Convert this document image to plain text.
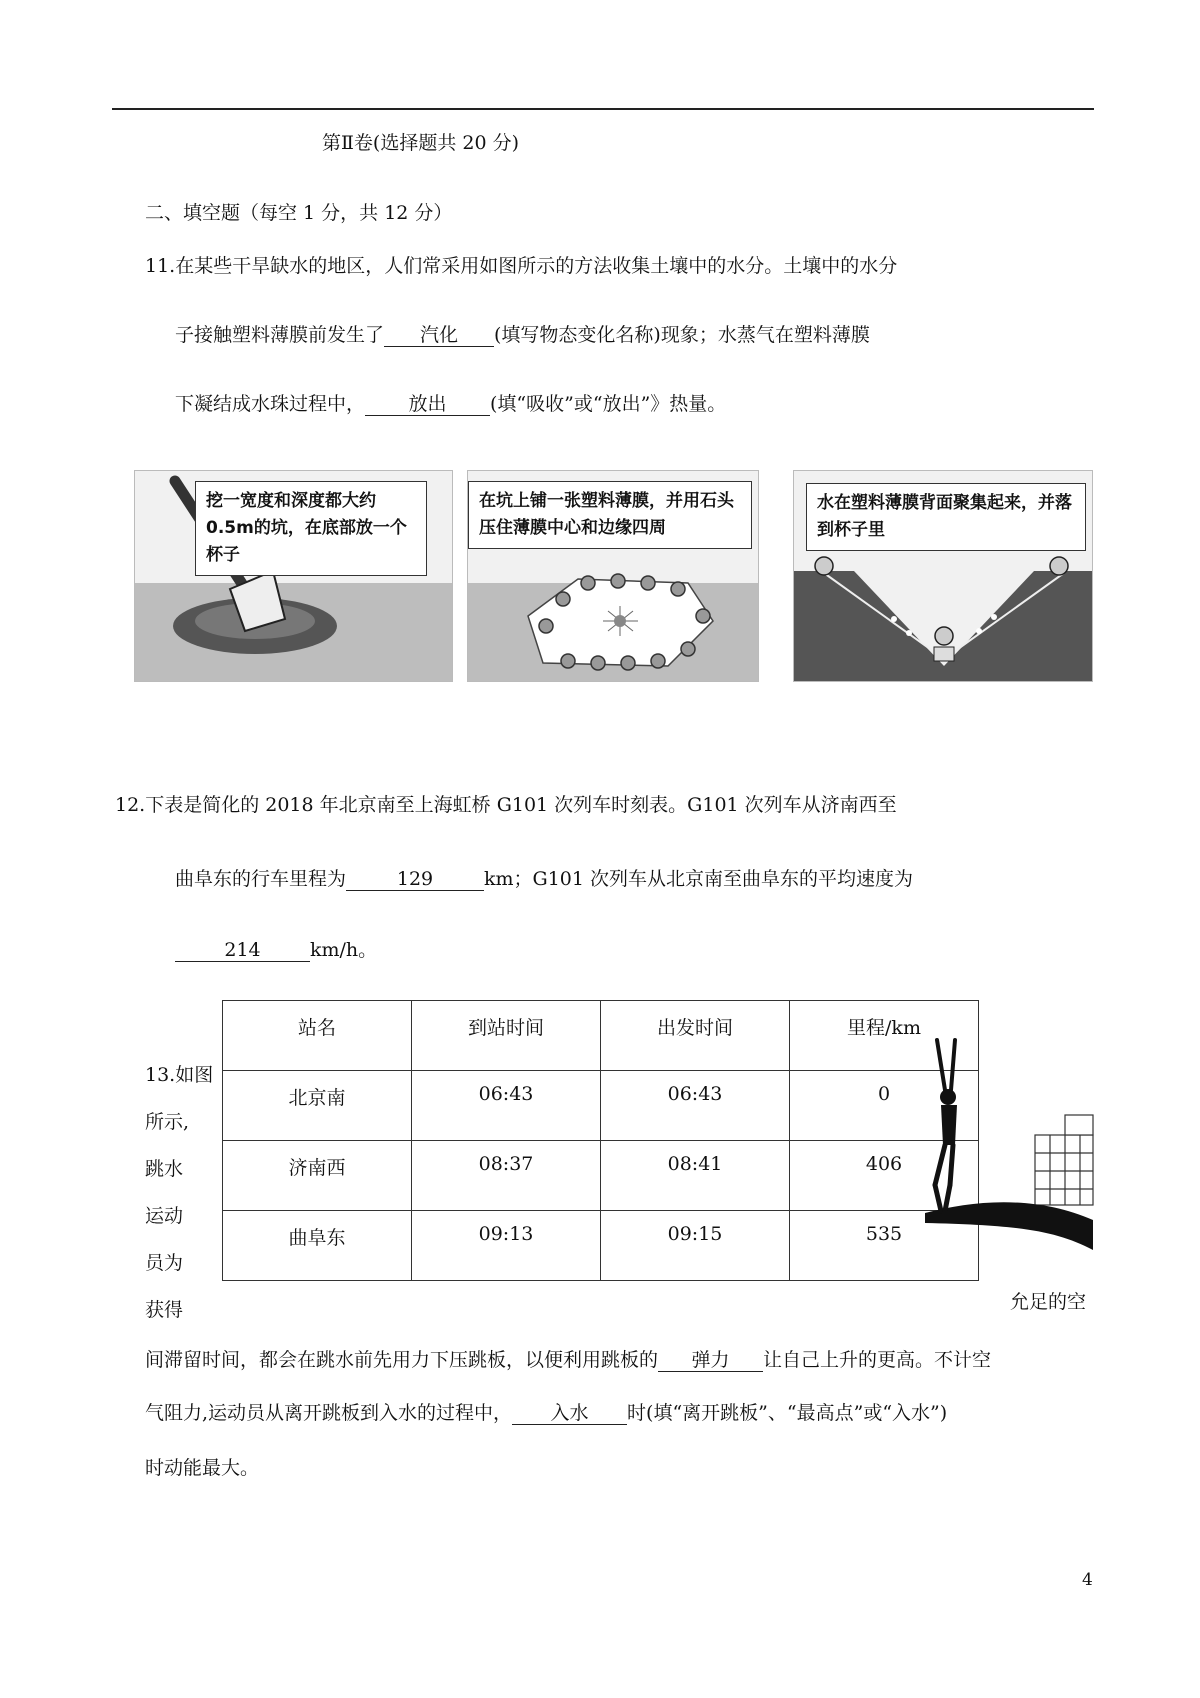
第Ⅱ卷(选择题共 20 分)
二、填空题（每空 1 分，共 12 分）
11.在某些干旱缺水的地区，人们常采用如图所示的方法收集土壤中的水分。土壤中的水分
子接触塑料薄膜前发生了 汽化 (填写物态变化名称)现象；水蒸气在塑料薄膜
下凝结成水珠过程中， 放出 (填“吸收”或“放出”》热量。
挖一宽度和深度都大约0.5m的坑，在底部放一个杯子
在坑上铺一张塑料薄膜，并用石头压住薄膜中心和边缘四周
水在塑料薄膜背面聚集起来，并落到杯子里
12.下表是简化的 2018 年北京南至上海虹桥 G101 次列车时刻表。G101 次列车从济南西至
曲阜东的行车里程为	129	km；G101 次列车从北京南至曲阜东的平均速度为
214	km/h。
站名	到站时间	出发时间	里程/km
北京南	06:43	06:43	0
济南西	08:37	08:41	406
曲阜东	09:13	09:15	535
13.如图
所示,
跳水
运动
员为
获得	允足的空
间滞留时间，都会在跳水前先用力下压跳板，以便利用跳板的 弹力 让自己上升的更高。不计空
气阻力,运动员从离开跳板到入水的过程中， 入水 时(填“离开跳板”、“最高点”或“入水”)
时动能最大。
4
